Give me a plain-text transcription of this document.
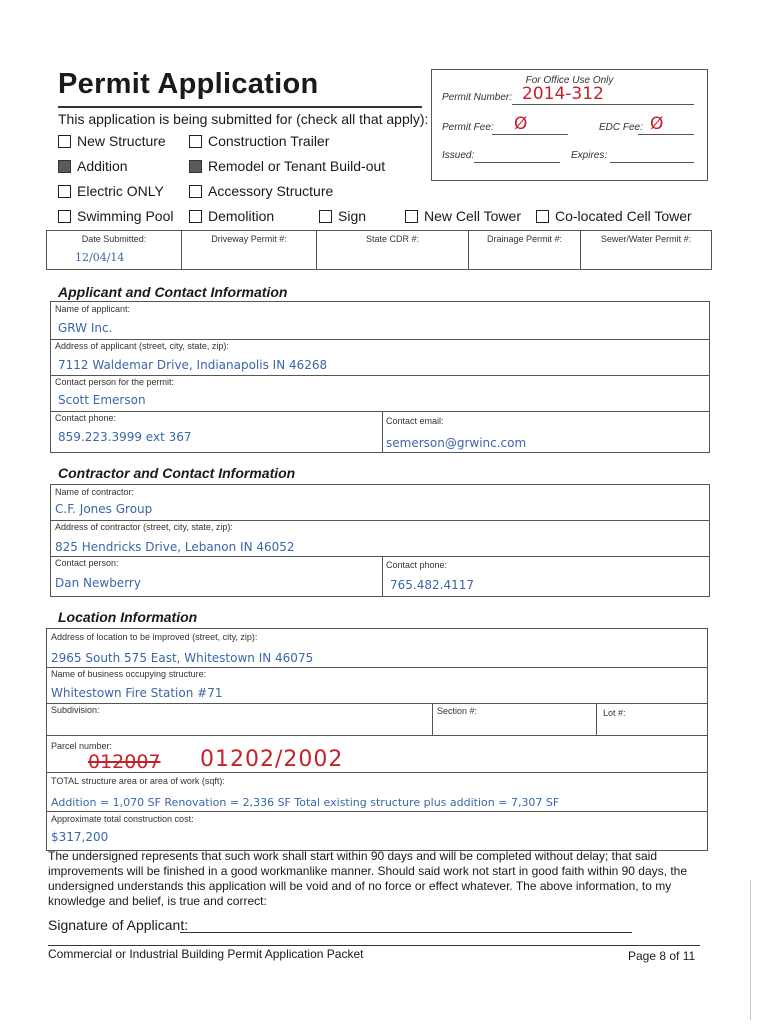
Permit Application
This application is being submitted for (check all that apply):
New Structure	Construction Trailer
Addition	Remodel or Tenant Build-out
Electric ONLY	Accessory Structure
Swimming Pool Demolition	Sign	New Cell Tower Co-located Cell Tower
For Office Use Only
Permit Number: 2014-312
Permit Fee: Ø	EDC Fee: Ø
Issued:	Expires:
Date Submitted:
12/04/14
Driveway Permit #:	State CDR #:	Drainage Permit #:	Sewer/Water Permit #:
Applicant and Contact Information
Name of applicant:
GRW Inc.
Address of applicant (street, city, state, zip):
7112 Waldemar Drive, Indianapolis IN 46268
Contact person for the permit:
Scott Emerson
Contact phone:
859.223.3999 ext 367
Contact email:
semerson@grwinc.com
Contractor and Contact Information
Name of contractor:
C.F. Jones Group
Address of contractor (street, city, state, zip):
825 Hendricks Drive, Lebanon IN 46052
Contact person:
Dan Newberry
Contact phone:
765.482.4117
Location Information
Address of location to be improved (street, city, zip):
2965 South 575 East, Whitestown IN 46075
Name of business occupying structure:
Whitestown Fire Station #71
Subdivision:	Section #:	Lot #:
Parcel number:
012007 01202/2002
TOTAL structure area or area of work (sqft):
Addition = 1,070 SF Renovation = 2,336 SF Total existing structure plus addition = 7,307 SF
Approximate total construction cost:
$317,200
The undersigned represents that such work shall start within 90 days and will be completed without delay; that said improvements will be finished in a good workmanlike manner. Should said work not start in good faith within 90 days, the undersigned understands this application will be void and of no force or effect whatever. The above information, to my knowledge and belief, is true and correct:
Signature of Applicant:
Commercial or Industrial Building Permit Application Packet	Page 8 of 11
